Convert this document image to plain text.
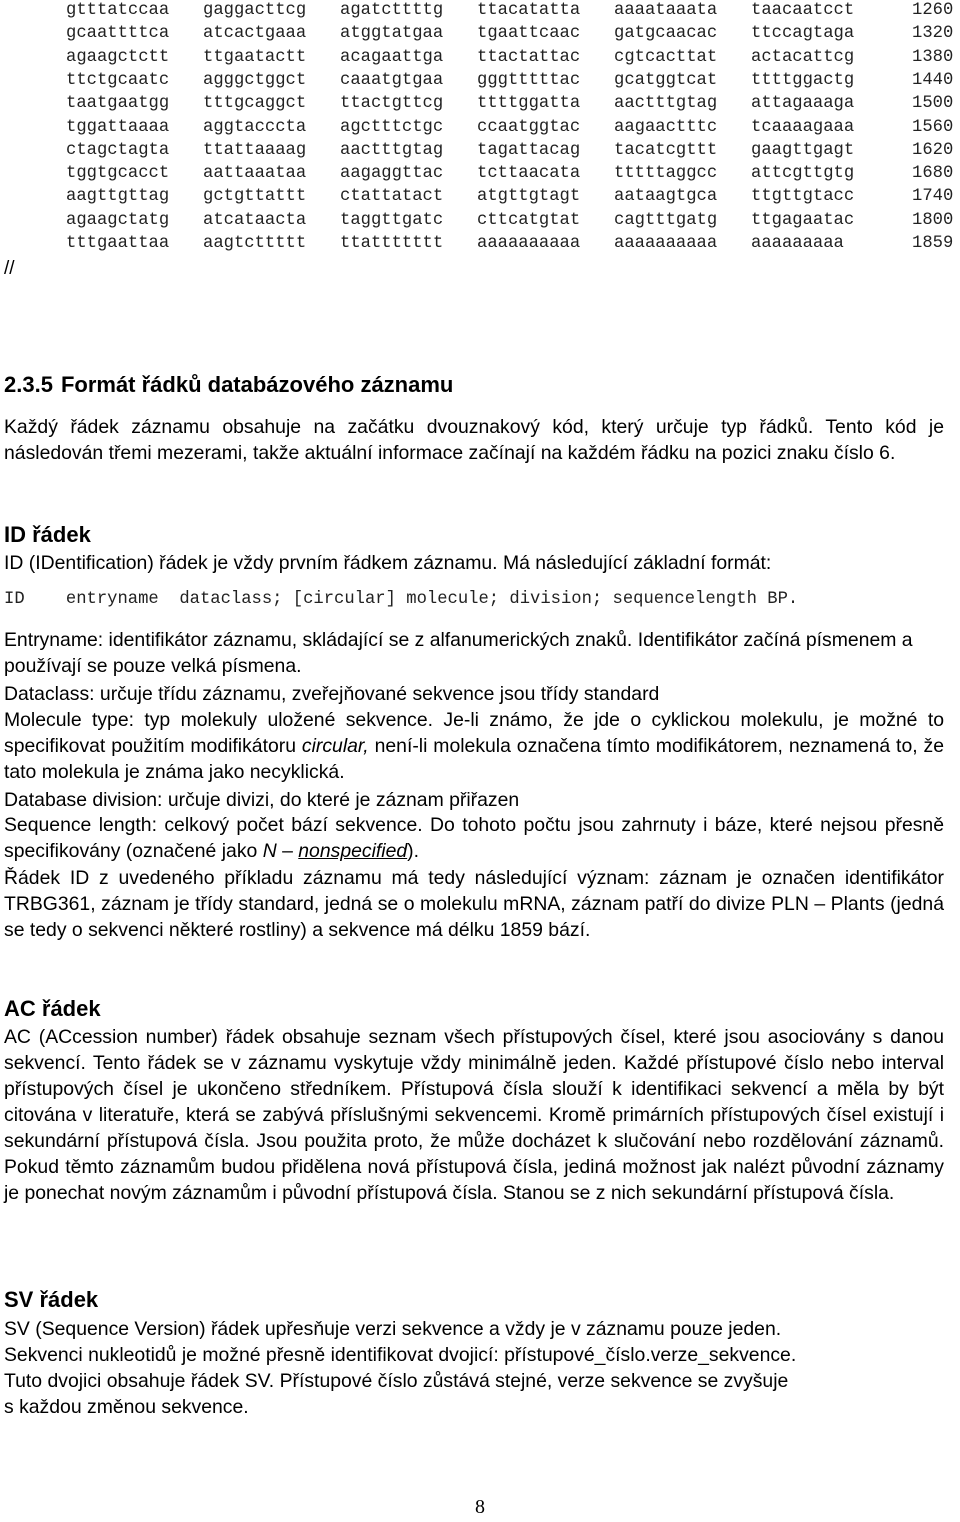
gtttatccaa gaggacttcg agatcttttg ttacatatta aaaataaata taacaatcct	1260
gcaattttca atcactgaaa atggtatgaa tgaattcaac gatgcaacac ttccagtaga	1320
agaagctctt ttgaatactt acagaattga ttactattac cgtcacttat actacattcg	1380
ttctgcaatc agggctggct caaatgtgaa gggtttttac gcatggtcat ttttggactg	1440
taatgaatgg tttgcaggct ttactgttcg ttttggatta aactttgtag attagaaaga	1500
tggattaaaa aggtacccta agctttctgc ccaatggtac aagaactttc tcaaaagaaa	1560
ctagctagta ttattaaaag aactttgtag tagattacag tacatcgttt gaagttgagt	1620
tggtgcacct aattaaataa aagaggttac tcttaacata tttttaggcc attcgttgtg	1680
aagttgttag gctgttattt ctattatact atgttgtagt aataagtgca ttgttgtacc	1740
agaagctatg atcataacta taggttgatc cttcatgtat cagtttgatg ttgagaatac	1800
tttgaattaa aagtcttttt ttattttttt aaaaaaaaaa aaaaaaaaaa aaaaaaaaa	1859
//
2.3.5 Formát řádků databázového záznamu
Každý řádek záznamu obsahuje na začátku dvouznakový kód, který určuje typ řádků. Tento kód je následován třemi mezerami, takže aktuální informace začínají na každém řádku na pozici znaku číslo 6.
ID řádek
ID (IDentification) řádek je vždy prvním řádkem záznamu. Má následující základní formát:
ID    entryname  dataclass; [circular] molecule; division; sequencelength BP.
Entryname: identifikátor záznamu, skládající se z alfanumerických znaků. Identifikátor začíná písmenem a používají se pouze velká písmena.
Dataclass: určuje třídu záznamu, zveřejňované sekvence jsou třídy standard
Molecule type: typ molekuly uložené sekvence. Je-li známo, že jde o cyklickou molekulu, je možné to specifikovat použitím modifikátoru circular, není-li molekula označena tímto modifikátorem, neznamená to, že tato molekula je známa jako necyklická.
Database division: určuje divizi, do které je záznam přiřazen
Sequence length: celkový počet bází sekvence. Do tohoto počtu jsou zahrnuty i báze, které nejsou přesně specifikovány (označené jako N – nonspecified).
Řádek ID z uvedeného příkladu záznamu má tedy následující význam: záznam je označen identifikátor TRBG361, záznam je třídy standard, jedná se o molekulu mRNA, záznam patří do divize PLN – Plants (jedná se tedy o sekvenci některé rostliny) a sekvence má délku 1859 bází.
AC řádek
AC (ACcession number) řádek obsahuje seznam všech přístupových čísel, které jsou asociovány s danou sekvencí. Tento řádek se v záznamu vyskytuje vždy minimálně jeden. Každé přístupové číslo nebo interval přístupových čísel je ukončeno středníkem. Přístupová čísla slouží k identifikaci sekvencí a měla by být citována v literatuře, která se zabývá příslušnými sekvencemi. Kromě primárních přístupových čísel existují i sekundární přístupová čísla. Jsou použita proto, že může docházet k slučování nebo rozdělování záznamů. Pokud těmto záznamům budou přidělena nová přístupová čísla, jediná možnost jak nalézt původní záznamy je ponechat novým záznamům i původní přístupová čísla. Stanou se z nich sekundární přístupová čísla.
SV řádek
SV (Sequence Version) řádek upřesňuje verzi sekvence a vždy je v záznamu pouze jeden.
Sekvenci nukleotidů je možné přesně identifikovat dvojicí: přístupové_číslo.verze_sekvence.
Tuto dvojici obsahuje řádek SV. Přístupové číslo zůstává stejné, verze sekvence se zvyšuje
s každou změnou sekvence.
8
